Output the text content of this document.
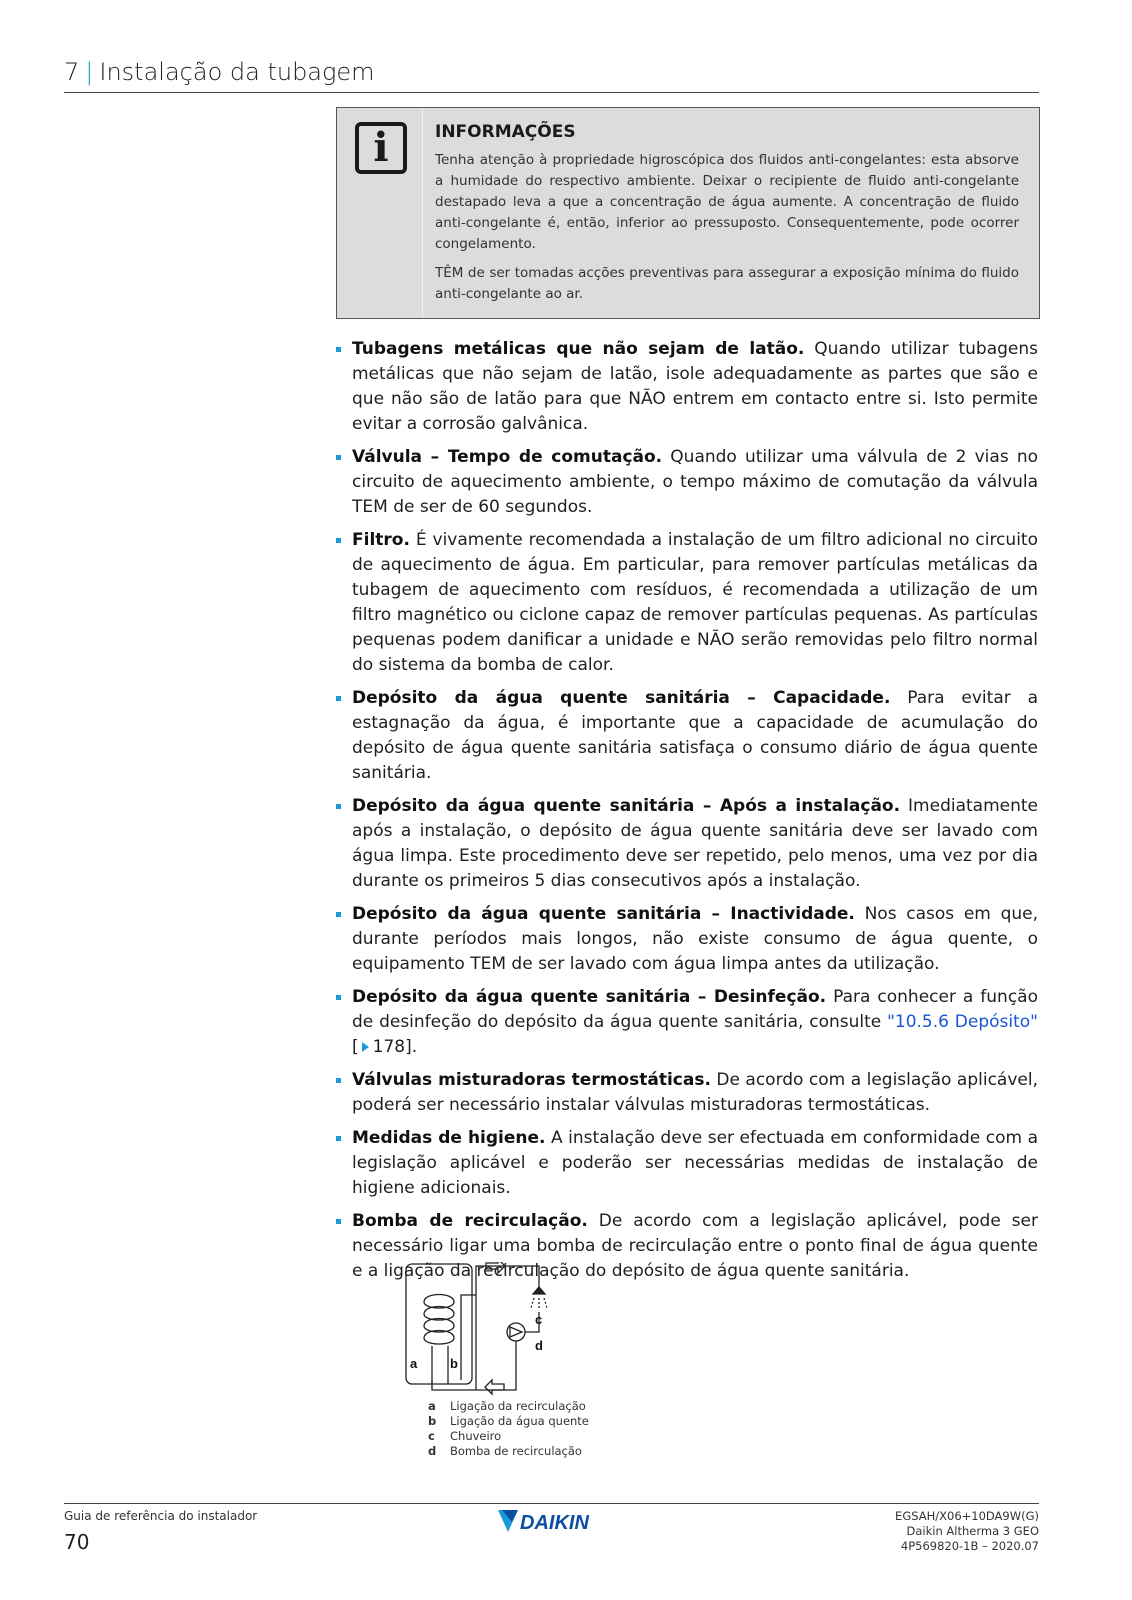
7 | Instalação da tubagem
i	INFORMAÇÕES

Tenha atenção à propriedade higroscópica dos fluidos anti-congelantes: esta absorve a humidade do respectivo ambiente. Deixar o recipiente de fluido anti-congelante destapado leva a que a concentração de água aumente. A concentração de fluido anti-congelante é, então, inferior ao pressuposto. Consequentemente, pode ocorrer congelamento.

TÊM de ser tomadas acções preventivas para assegurar a exposição mínima do fluido anti-congelante ao ar.

Tubagens metálicas que não sejam de latão. Quando utilizar tubagens metálicas que não sejam de latão, isole adequadamente as partes que são e que não são de latão para que NÃO entrem em contacto entre si. Isto permite evitar a corrosão galvânica.
Válvula – Tempo de comutação. Quando utilizar uma válvula de 2 vias no circuito de aquecimento ambiente, o tempo máximo de comutação da válvula TEM de ser de 60 segundos.
Filtro. É vivamente recomendada a instalação de um filtro adicional no circuito de aquecimento de água. Em particular, para remover partículas metálicas da tubagem de aquecimento com resíduos, é recomendada a utilização de um filtro magnético ou ciclone capaz de remover partículas pequenas. As partículas pequenas podem danificar a unidade e NÃO serão removidas pelo filtro normal do sistema da bomba de calor.
Depósito da água quente sanitária – Capacidade. Para evitar a estagnação da água, é importante que a capacidade de acumulação do depósito de água quente sanitária satisfaça o consumo diário de água quente sanitária.
Depósito da água quente sanitária – Após a instalação. Imediatamente após a instalação, o depósito de água quente sanitária deve ser lavado com água limpa. Este procedimento deve ser repetido, pelo menos, uma vez por dia durante os primeiros 5 dias consecutivos após a instalação.
Depósito da água quente sanitária – Inactividade. Nos casos em que, durante períodos mais longos, não existe consumo de água quente, o equipamento TEM de ser lavado com água limpa antes da utilização.
Depósito da água quente sanitária – Desinfeção. Para conhecer a função de desinfeção do depósito da água quente sanitária, consulte "10.5.6 Depósito" [ 178].
Válvulas misturadoras termostáticas. De acordo com a legislação aplicável, poderá ser necessário instalar válvulas misturadoras termostáticas.
Medidas de higiene. A instalação deve ser efectuada em conformidade com a legislação aplicável e poderão ser necessárias medidas de instalação de higiene adicionais.
Bomba de recirculação. De acordo com a legislação aplicável, pode ser necessário ligar uma bomba de recirculação entre o ponto final de água quente e a ligação da recirculação do depósito de água quente sanitária.
a	b
c
d
a Ligação da recirculação
b Ligação da água quente
c Chuveiro
d Bomba de recirculação
Guia de referência do instalador
70
DAIKIN	EGSAH/X06+10DA9W(G)
Daikin Altherma 3 GEO
4P569820-1B – 2020.07
